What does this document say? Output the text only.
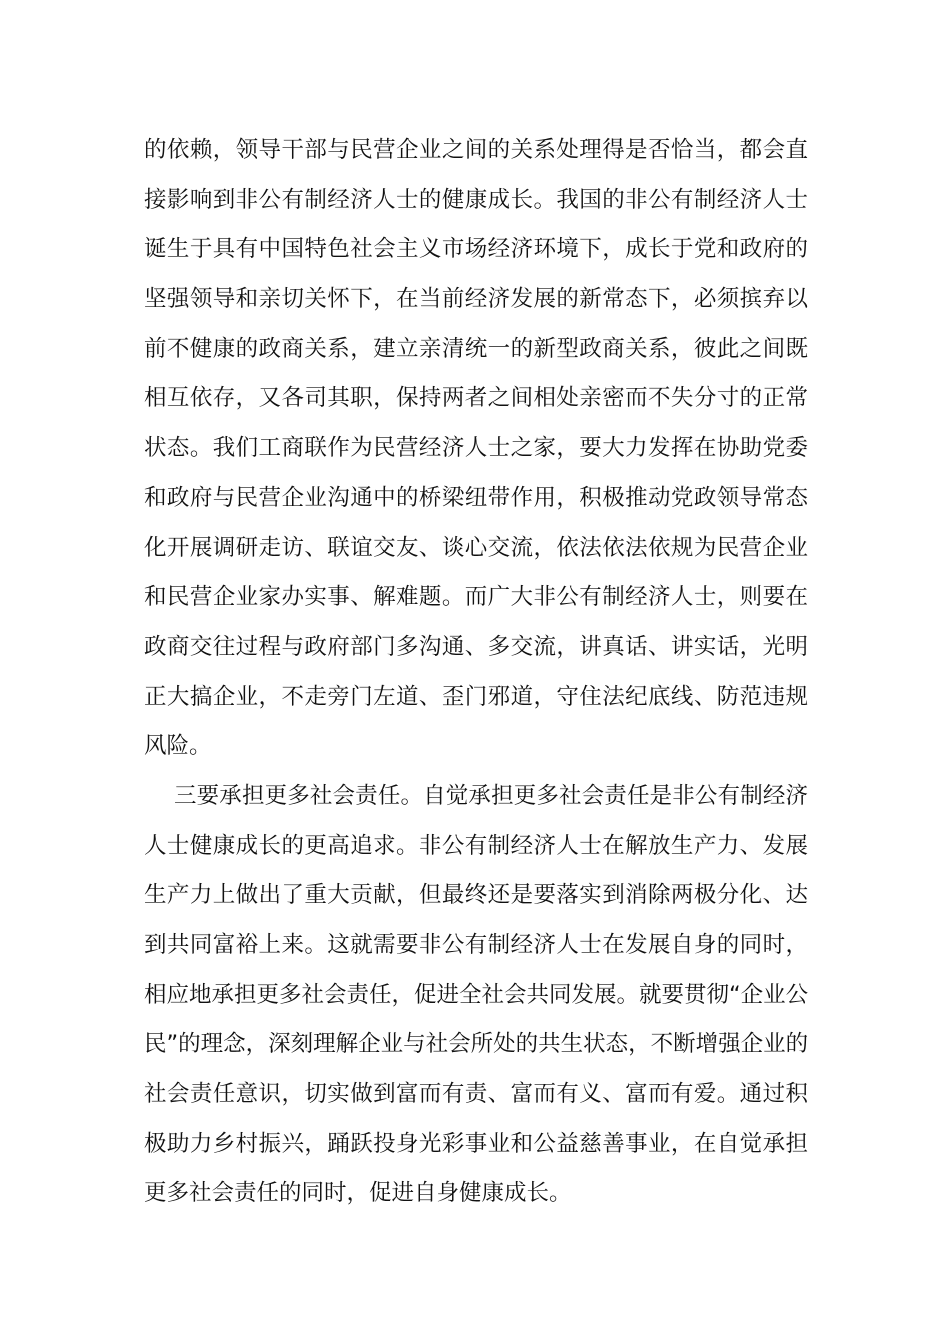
的依赖，领导干部与民营企业之间的关系处理得是否恰当，都会直
接影响到非公有制经济人士的健康成长。我国的非公有制经济人士
诞生于具有中国特色社会主义市场经济环境下，成长于党和政府的
坚强领导和亲切关怀下，在当前经济发展的新常态下，必须摈弃以
前不健康的政商关系，建立亲清统一的新型政商关系，彼此之间既
相互依存，又各司其职，保持两者之间相处亲密而不失分寸的正常
状态。我们工商联作为民营经济人士之家，要大力发挥在协助党委
和政府与民营企业沟通中的桥梁纽带作用，积极推动党政领导常态
化开展调研走访、联谊交友、谈心交流，依法依法依规为民营企业
和民营企业家办实事、解难题。而广大非公有制经济人士，则要在
政商交往过程与政府部门多沟通、多交流，讲真话、讲实话，光明
正大搞企业，不走旁门左道、歪门邪道，守住法纪底线、防范违规
风险。
三要承担更多社会责任。自觉承担更多社会责任是非公有制经济
人士健康成长的更高追求。非公有制经济人士在解放生产力、发展
生产力上做出了重大贡献，但最终还是要落实到消除两极分化、达
到共同富裕上来。这就需要非公有制经济人士在发展自身的同时，
相应地承担更多社会责任，促进全社会共同发展。就要贯彻“企业公
民”的理念，深刻理解企业与社会所处的共生状态，不断增强企业的
社会责任意识，切实做到富而有责、富而有义、富而有爱。通过积
极助力乡村振兴，踊跃投身光彩事业和公益慈善事业，在自觉承担
更多社会责任的同时，促进自身健康成长。
